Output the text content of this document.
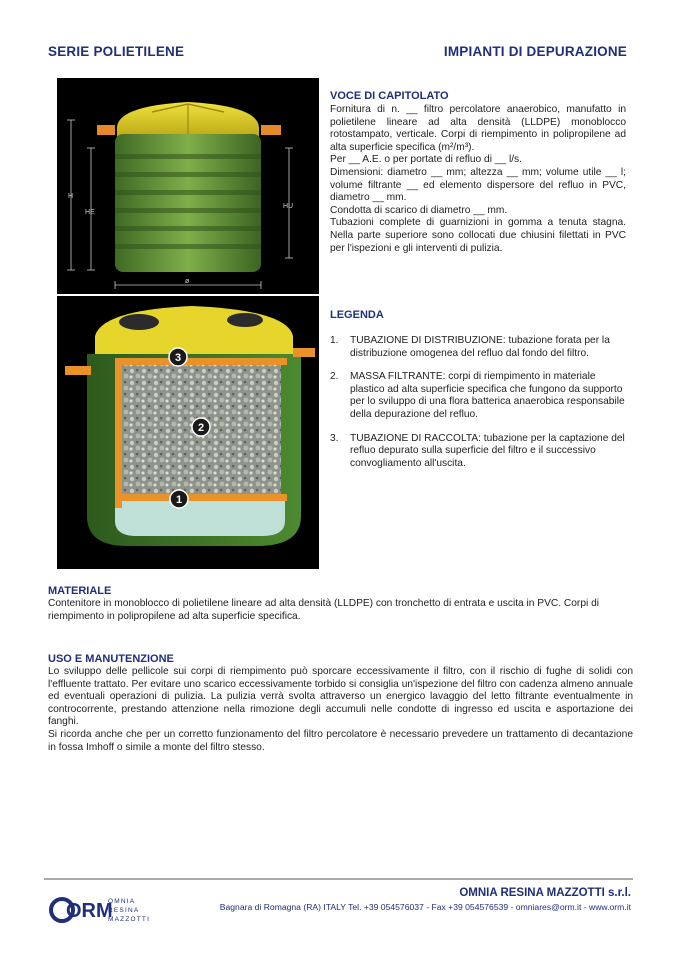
SERIE POLIETILENE	IMPIANTI DI DEPURAZIONE
H
HE
HU
ø
1
2
3
VOCE DI CAPITOLATO

Fornitura di n. __ filtro percolatore anaerobico, manufatto in polietilene lineare ad alta densità (LLDPE) monoblocco rotostampato, verticale. Corpi di riempimento in polipropilene ad alta superficie specifica (m²/m³).

Per __ A.E. o per portate di refluo di __ l/s.

Dimensioni: diametro __ mm; altezza __ mm; volume utile __ l; volume filtrante __ ed elemento dispersore del refluo in PVC, diametro __ mm.

Condotta di scarico di diametro __ mm.

Tubazioni complete di guarnizioni in gomma a tenuta stagna. Nella parte superiore sono collocati due chiusini filettati in PVC per l'ispezioni e gli interventi di pulizia.

LEGENDA
1.	TUBAZIONE DI DISTRIBUZIONE: tubazione forata per la distribuzione omogenea del refluo dal fondo del filtro.
2.	MASSA FILTRANTE: corpi di riempimento in materiale plastico ad alta superficie specifica che fungono da supporto per lo sviluppo di una flora batterica anaerobica responsabile della depurazione del refluo.
3.	TUBAZIONE DI RACCOLTA: tubazione per la captazione del refluo depurato sulla superficie del filtro e il successivo convogliamento all'uscita.
MATERIALE
Contenitore in monoblocco di polietilene lineare ad alta densità (LLDPE) con tronchetto di entrata e uscita in PVC. Corpi di riempimento in polipropilene ad alta superficie specifica.
USO E MANUTENZIONE

Lo sviluppo delle pellicole sui corpi di riempimento può sporcare eccessivamente il filtro, con il rischio di fughe di solidi con l'effluente trattato. Per evitare uno scarico eccessivamente torbido si consiglia un'ispezione del filtro con cadenza almeno annuale ed eventuali operazioni di pulizia. La pulizia verrà svolta attraverso un energico lavaggio del letto filtrante eventualmente in controcorrente, prestando attenzione nella rimozione degli accumuli nelle condotte di ingresso ed uscita e asportazione dei fanghi.

Si ricorda anche che per un corretto funzionamento del filtro percolatore è necessario prevedere un trattamento di decantazione in fossa Imhoff o simile a monte del filtro stesso.

ORM
OMNIA
RESINA
MAZZOTTI
OMNIA RESINA MAZZOTTI s.r.l.
Bagnara di Romagna (RA) ITALY Tel. +39 054576037 - Fax +39 054576539 - omniares@orm.it - www.orm.it
